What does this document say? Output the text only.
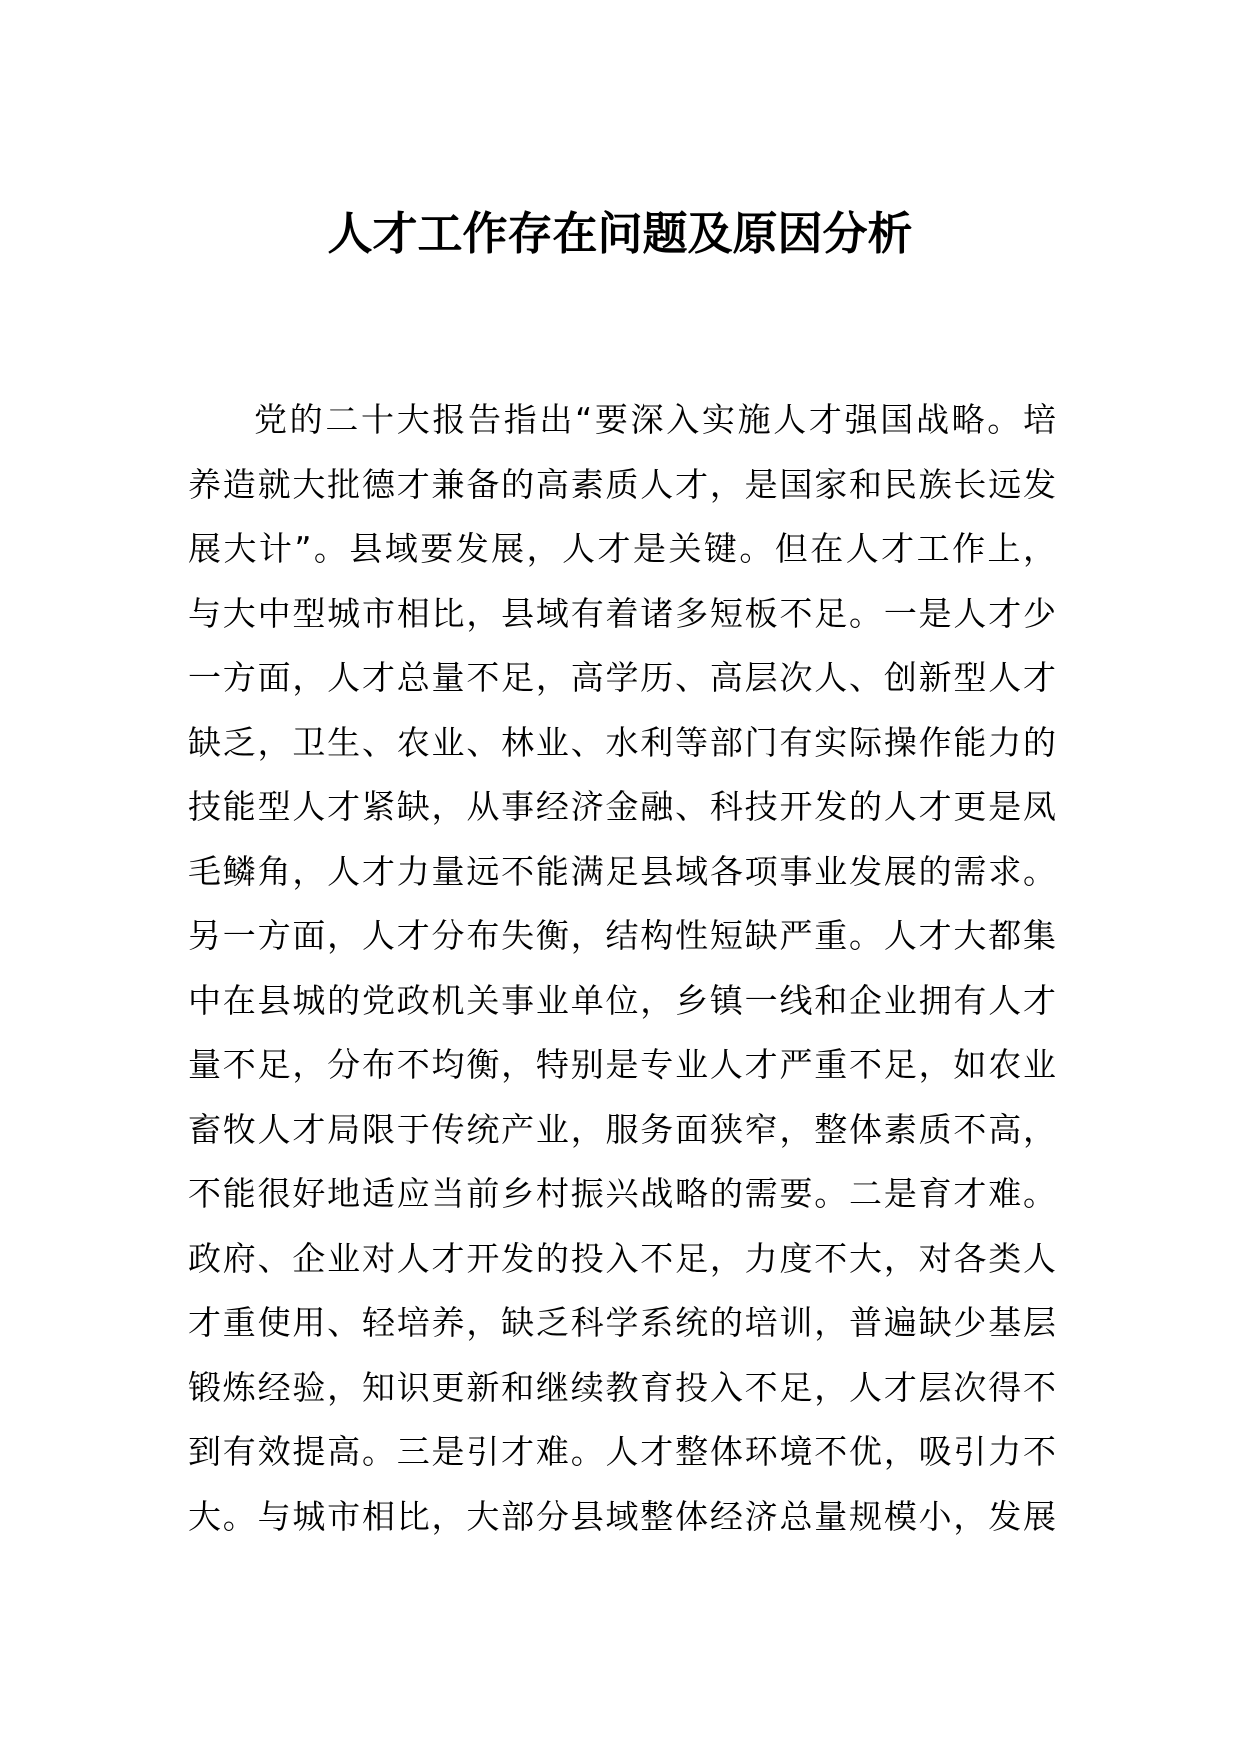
人才工作存在问题及原因分析
党的二十大报告指出“要深入实施人才强国战略。培
养造就大批德才兼备的高素质人才，是国家和民族长远发
展大计”。县域要发展，人才是关键。但在人才工作上，
与大中型城市相比，县域有着诸多短板不足。一是人才少
一方面，人才总量不足，高学历、高层次人、创新型人才
缺乏，卫生、农业、林业、水利等部门有实际操作能力的
技能型人才紧缺，从事经济金融、科技开发的人才更是凤
毛鳞角，人才力量远不能满足县域各项事业发展的需求。
另一方面，人才分布失衡，结构性短缺严重。人才大都集
中在县城的党政机关事业单位，乡镇一线和企业拥有人才
量不足，分布不均衡，特别是专业人才严重不足，如农业
畜牧人才局限于传统产业，服务面狭窄，整体素质不高，
不能很好地适应当前乡村振兴战略的需要。二是育才难。
政府、企业对人才开发的投入不足，力度不大，对各类人
才重使用、轻培养，缺乏科学系统的培训，普遍缺少基层
锻炼经验，知识更新和继续教育投入不足，人才层次得不
到有效提高。三是引才难。人才整体环境不优，吸引力不
大。与城市相比，大部分县域整体经济总量规模小，发展
